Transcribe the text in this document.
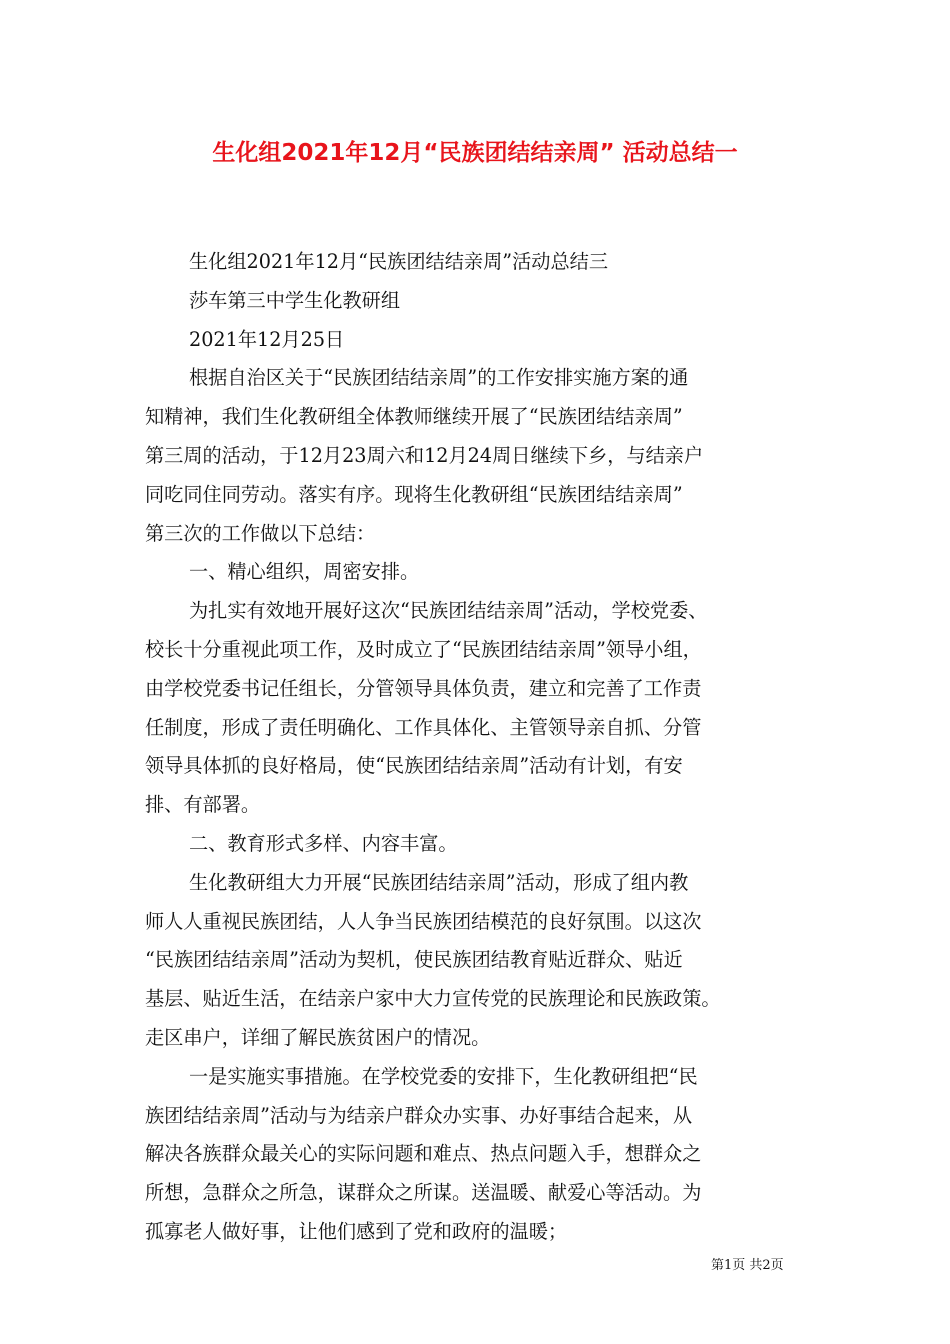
生化组2021年12月“民族团结结亲周” 活动总结一
生化组2021年12月“民族团结结亲周”活动总结三
莎车第三中学生化教研组
2021年12月25日
根据自治区关于“民族团结结亲周”的工作安排实施方案的通
知精神，我们生化教研组全体教师继续开展了“民族团结结亲周”
第三周的活动，于12月23周六和12月24周日继续下乡，与结亲户
同吃同住同劳动。落实有序。现将生化教研组“民族团结结亲周”
第三次的工作做以下总结：
一、精心组织，周密安排。
为扎实有效地开展好这次“民族团结结亲周”活动，学校党委、
校长十分重视此项工作，及时成立了“民族团结结亲周”领导小组，
由学校党委书记任组长，分管领导具体负责，建立和完善了工作责
任制度，形成了责任明确化、工作具体化、主管领导亲自抓、分管
领导具体抓的良好格局，使“民族团结结亲周”活动有计划，有安
排、有部署。
二、教育形式多样、内容丰富。
生化教研组大力开展“民族团结结亲周”活动，形成了组内教
师人人重视民族团结，人人争当民族团结模范的良好氛围。以这次
“民族团结结亲周”活动为契机，使民族团结教育贴近群众、贴近
基层、贴近生活，在结亲户家中大力宣传党的民族理论和民族政策。
走区串户，详细了解民族贫困户的情况。
一是实施实事措施。在学校党委的安排下，生化教研组把“民
族团结结亲周”活动与为结亲户群众办实事、办好事结合起来，从
解决各族群众最关心的实际问题和难点、热点问题入手，想群众之
所想，急群众之所急，谋群众之所谋。送温暖、献爱心等活动。为
孤寡老人做好事，让他们感到了党和政府的温暖；
第1页 共2页
